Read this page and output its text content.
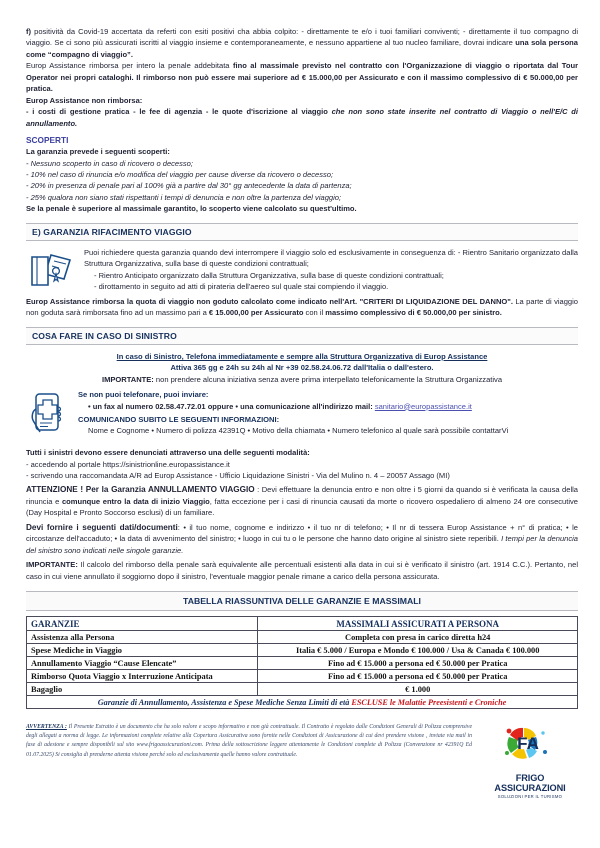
f) positività da Covid-19 accertata da referti con esiti positivi cha abbia colpito: - direttamente te e/o i tuoi familiari conviventi; - direttamente il tuo compagno di viaggio. Se ci sono più assicurati iscritti al viaggio insieme e contemporaneamente, e nessuno appartiene al tuo nucleo familiare, dovrai indicare una sola persona come “compagno di viaggio”.
Europ Assistance rimborsa per intero la penale addebitata fino al massimale previsto nel contratto con l'Organizzazione di viaggio o riportata dal Tour Operator nei propri cataloghi. Il rimborso non può essere mai superiore ad € 15.000,00 per Assicurato e con il massimo complessivo di € 50.000,00 per pratica.
Europ Assistance non rimborsa:
- i costi di gestione pratica - le fee di agenzia - le quote d'iscrizione al viaggio che non sono state inserite nel contratto di Viaggio o nell'E/C di annullamento.
SCOPERTI
La garanzia prevede i seguenti scoperti:
- Nessuno scoperto in caso di ricovero o decesso;
- 10% nel caso di rinuncia e/o modifica del viaggio per cause diverse da ricovero o decesso;
- 20% in presenza di penale pari al 100% già a partire dal 30° gg antecedente la data di partenza;
- 25% qualora non siano stati rispettanti i tempi di denuncia e non oltre la partenza del viaggio;
Se la penale è superiore al massimale garantito, lo scoperto viene calcolato su quest'ultimo.
E) GARANZIA RIFACIMENTO VIAGGIO
Puoi richiedere questa garanzia quando devi interrompere il viaggio solo ed esclusivamente in conseguenza di: - Rientro Sanitario organizzato dalla Struttura Organizzativa, sulla base di queste condizioni contrattuali;
- Rientro Anticipato organizzato dalla Struttura Organizzativa, sulla base di queste condizioni contrattuali;
- dirottamento in seguito ad atti di pirateria dell'aereo sul quale stai compiendo il viaggio.
Europ Assistance rimborsa la quota di viaggio non goduto calcolato come indicato nell'Art. "CRITERI DI LIQUIDAZIONE DEL DANNO". La parte di viaggio non goduta sarà rimborsata fino ad un massimo pari a € 15.000,00 per Assicurato con il massimo complessivo di € 50.000,00 per sinistro.
COSA FARE IN CASO DI SINISTRO
In caso di Sinistro, Telefona immediatamente e sempre alla Struttura Organizzativa di Europ Assistance
Attiva 365 gg e 24h su 24h al Nr +39 02.58.24.06.72 dall'Italia o dall'estero.
IMPORTANTE: non prendere alcuna iniziativa senza avere prima interpellato telefonicamente la Struttura Organizzativa
Se non puoi telefonare, puoi inviare:
• un fax al numero 02.58.47.72.01 oppure • una comunicazione all'indirizzo mail: sanitario@europassistance.it
COMUNICANDO SUBITO LE SEGUENTI INFORMAZIONI:
Nome e Cognome • Numero di polizza 42391Q • Motivo della chiamata • Numero telefonico al quale sarà possibile contattarVi
Tutti i sinistri devono essere denunciati attraverso una delle seguenti modalità:
- accedendo al portale https://sinistrionline.europassistance.it
- scrivendo una raccomandata A/R ad Europ Assistance - Ufficio Liquidazione Sinistri - Via del Mulino n. 4 – 20057 Assago (MI)
ATTENZIONE ! Per la Garanzia ANNULLAMENTO VIAGGIO : Devi effettuare la denuncia entro e non oltre i 5 giorni da quando si è verificata la causa della rinuncia e comunque entro la data di inizio Viaggio, fatta eccezione per i casi di rinuncia causati da morte o ricovero ospedaliero di almeno 24 ore consecutive (Day Hospital e Pronto Soccorso esclusi) di un familiare.
Devi fornire i seguenti dati/documenti: • il tuo nome, cognome e indirizzo • il tuo nr di telefono; • Il nr di tessera Europ Assistance + n° di pratica; • le circostanze dell'accaduto; • la data di avvenimento del sinistro; • luogo in cui tu o le persone che hanno dato origine al sinistro siete reperibili. I tempi per la denuncia del sinistro sono indicati nelle singole garanzie.
IMPORTANTE: Il calcolo del rimborso della penale sarà equivalente alle percentuali esistenti alla data in cui si è verificato il sinistro (art. 1914 C.C.). Pertanto, nel caso in cui viene annullato il soggiorno dopo il sinistro, l'eventuale maggior penale rimane a carico della persona assicurata.
TABELLA RIASSUNTIVA DELLE GARANZIE E MASSIMALI
GARANZIE	MASSIMALI ASSICURATI A PERSONA
Assistenza alla Persona	Completa con presa in carico diretta h24
Spese Mediche in Viaggio	Italia € 5.000 / Europa e Mondo € 100.000 / Usa & Canada € 100.000
Annullamento Viaggio “Cause Elencate”	Fino ad € 15.000 a persona ed € 50.000 per Pratica
Rimborso Quota Viaggio x Interruzione Anticipata	Fino ad € 15.000 a persona ed € 50.000 per Pratica
Bagaglio	€ 1.000
Garanzie di Annullamento, Assistenza e Spese Mediche Senza Limiti di età ESCLUSE le Malattie Preesistenti e Croniche	
AVVERTENZA : Il Presente Estratto è un documento che ha solo valore e scopo informativo e non già contrattuale. Il Contratto è regolato dalle Condizioni Generali di Polizza comprensive degli allegati a norma di legge. Le informazioni complete relative alla Copertura Assicurativa sono fornite nelle Condizioni di Assicurazione di cui devi prendere visione , inviate via mail in fase di adesione e sempre disponibili sul sito www.frigoassicurazioni.com. Prima della sottoscrizione leggere attentamente le Condizioni complete di Polizza (Convenzione nr 42391Q Ed 01.07.2025) Si consiglia di prenderne attenta visione perché solo ed esclusivamente quelle hanno valore contrattuale.
FA
FRIGO ASSICURAZIONI
SOLUZIONI PER IL TURISMO
